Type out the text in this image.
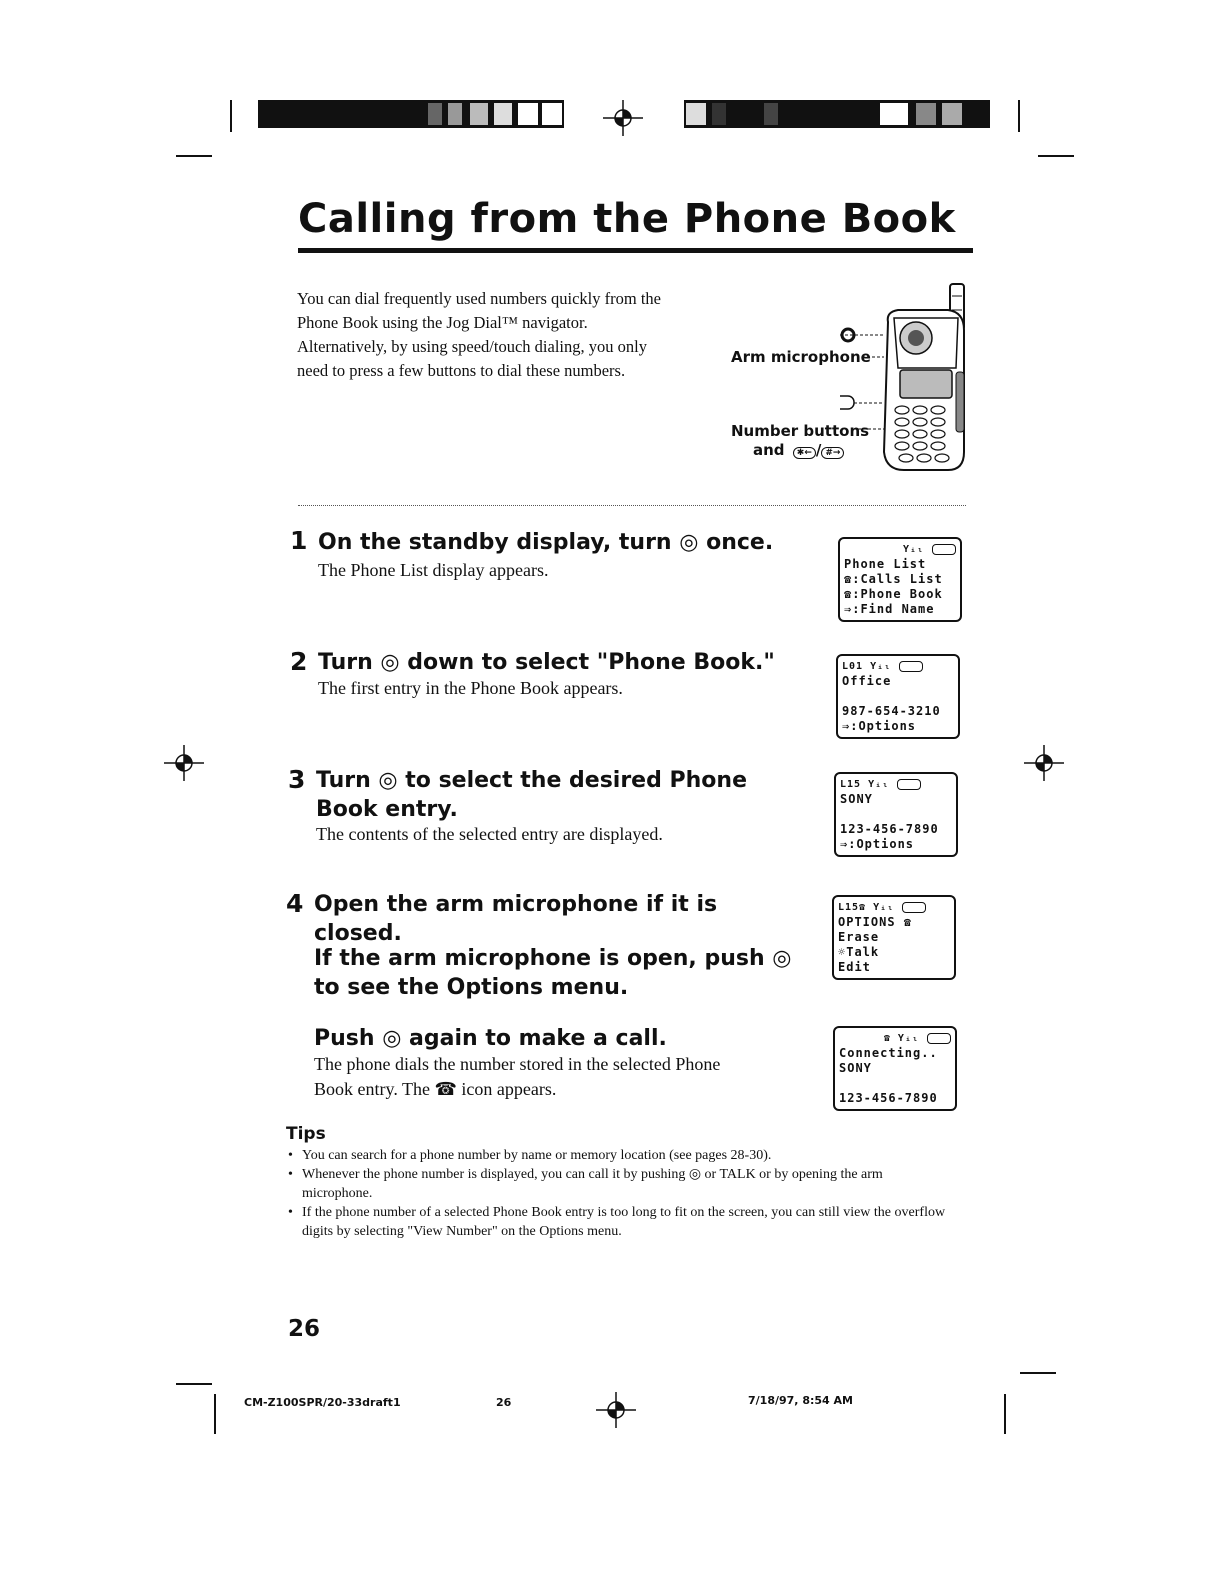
Calling from the Phone Book
You can dial frequently used numbers quickly from the Phone Book using the Jog Dial™ navigator. Alternatively, by using speed/touch dialing, you only need to press a few buttons to dial these numbers.
Arm microphone
Number buttons
and ✱← / #→
1 On the standby display, turn ◎ once.
The Phone List display appears.
2 Turn ◎ down to select "Phone Book."
The first entry in the Phone Book appears.
3 Turn ◎ to select the desired Phone Book entry.
The contents of the selected entry are displayed.
4 Open the arm microphone if it is closed.
If the arm microphone is open, push ◎ to see the Options menu.
Push ◎ again to make a call.
The phone dials the number stored in the selected Phone Book entry. The ☎ icon appears.
Yᵢₗ
Phone List
☎:Calls List
☎:Phone Book
⇒:Find Name
L01 Yᵢₗ
Office
987-654-3210
⇒:Options
L15 Yᵢₗ
SONY
123-456-7890
⇒:Options
L15☎ Yᵢₗ
OPTIONS ☎
Erase
☼Talk
Edit
☎ Yᵢₗ
Connecting..
SONY
123-456-7890
Tips
• You can search for a phone number by name or memory location (see pages 28-30).
• Whenever the phone number is displayed, you can call it by pushing ◎ or TALK or by opening the arm microphone.
• If the phone number of a selected Phone Book entry is too long to fit on the screen, you can still view the overflow digits by selecting "View Number" on the Options menu.
26
CM-Z100SPR/20-33draft1	26	7/18/97, 8:54 AM
